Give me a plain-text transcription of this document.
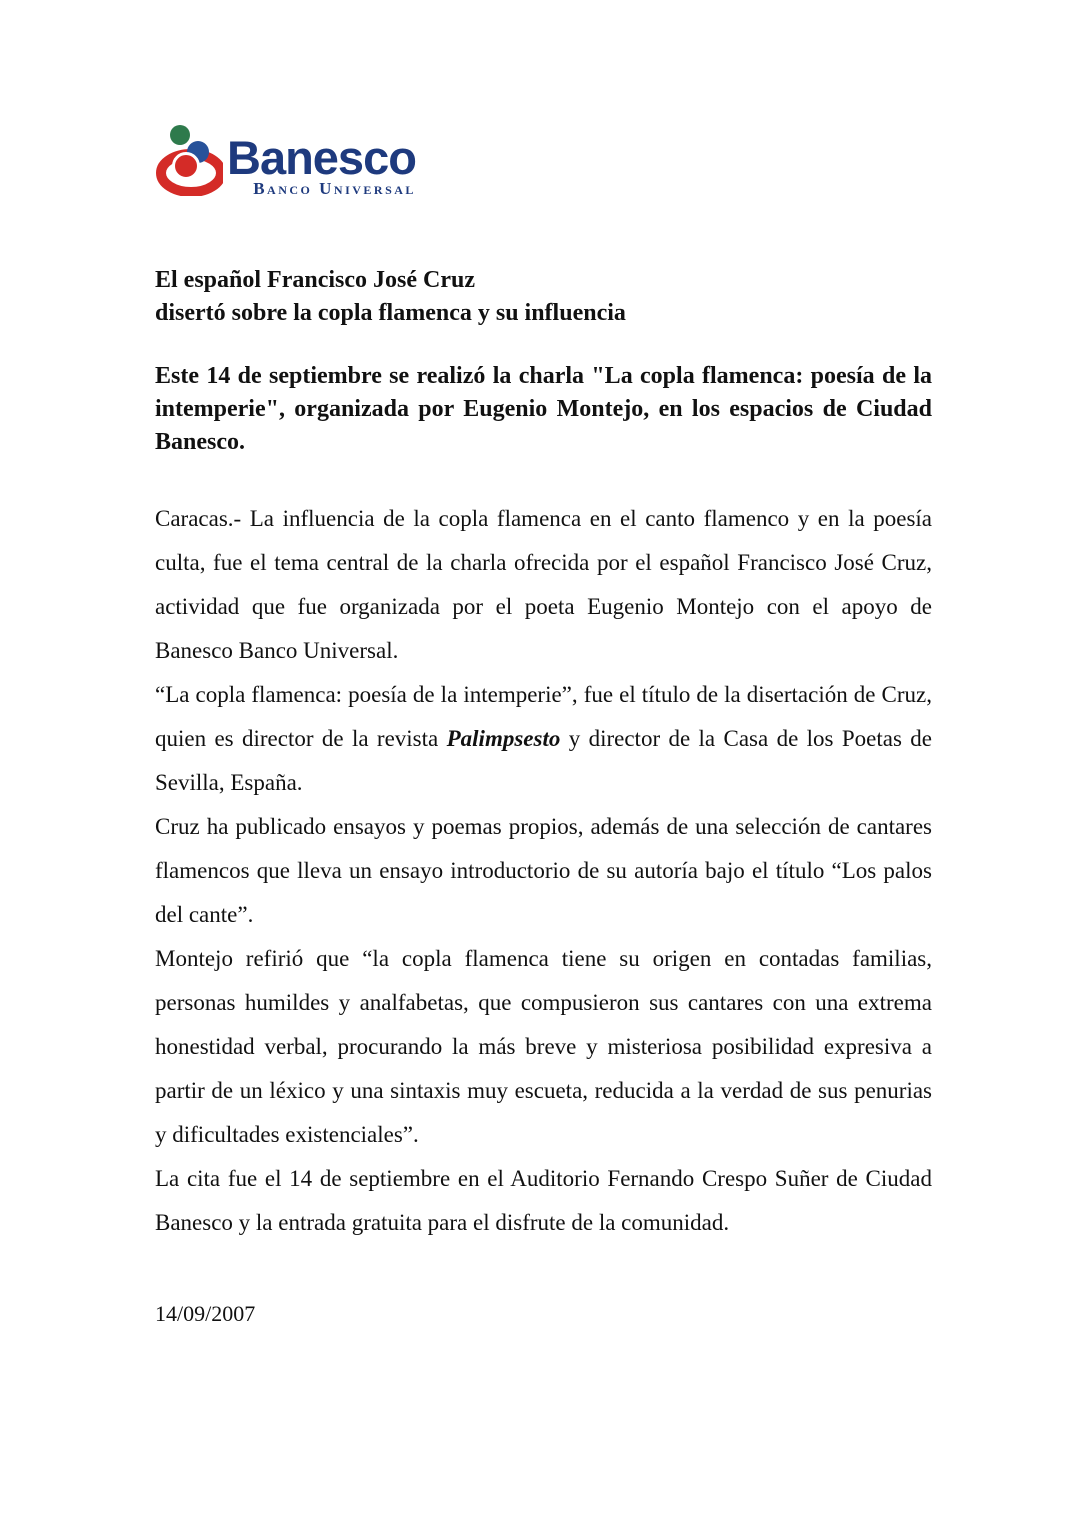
Banesco
Banco Universal
El español Francisco José Cruz
disertó sobre la copla flamenca y su influencia

Este 14 de septiembre se realizó la charla "La copla flamenca: poesía de la intemperie", organizada por Eugenio Montejo, en los espacios de Ciudad Banesco.

Caracas.- La influencia de la copla flamenca en el canto flamenco y en la poesía culta, fue el tema central de la charla ofrecida por el español Francisco José Cruz, actividad que fue organizada por el poeta Eugenio Montejo con el apoyo de Banesco Banco Universal.

“La copla flamenca: poesía de la intemperie”, fue el título de la disertación de Cruz, quien es director de la revista Palimpsesto y director de la Casa de los Poetas de Sevilla, España.

Cruz ha publicado ensayos y poemas propios, además de una selección de cantares flamencos que lleva un ensayo introductorio de su autoría bajo el título “Los palos del cante”.

Montejo refirió que “la copla flamenca tiene su origen en contadas familias, personas humildes y analfabetas, que compusieron sus cantares con una extrema honestidad verbal, procurando la más breve y misteriosa posibilidad expresiva a partir de un léxico y una sintaxis muy escueta, reducida a la verdad de sus penurias y dificultades existenciales”.

La cita fue el 14 de septiembre en el Auditorio Fernando Crespo Suñer de Ciudad Banesco y la entrada gratuita para el disfrute de la comunidad.

14/09/2007
